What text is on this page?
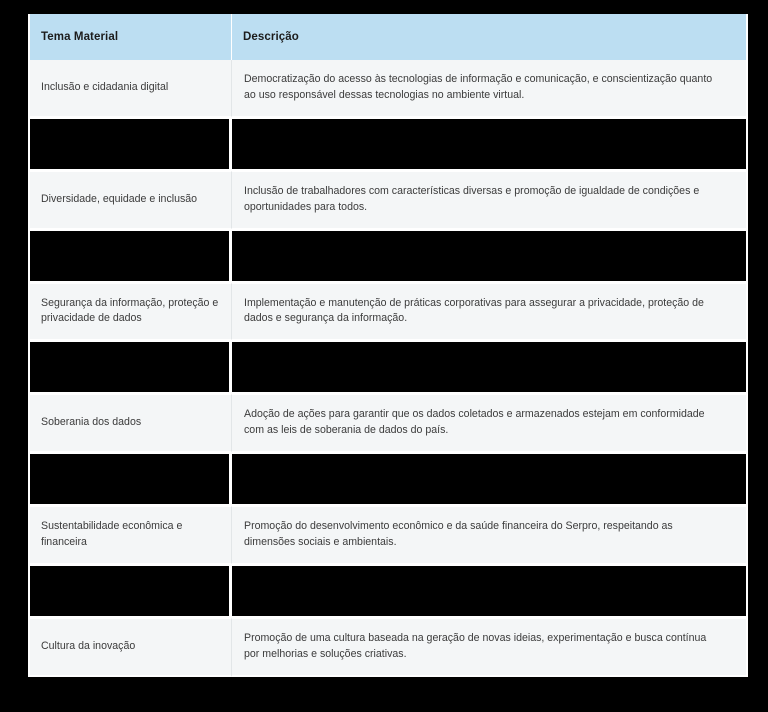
Tema Material	Descrição
Inclusão e cidadania digital	Democratização do acesso às tecnologias de informação e comunicação, e conscientização quanto ao uso responsável dessas tecnologias no ambiente virtual.

Diversidade, equidade e inclusão	Inclusão de trabalhadores com características diversas e promoção de igualdade de condições e oportunidades para todos.

Segurança da informação, proteção e privacidade de dados	Implementação e manutenção de práticas corporativas para assegurar a privacidade, proteção de dados e segurança da informação.

Soberania dos dados	Adoção de ações para garantir que os dados coletados e armazenados estejam em conformidade com as leis de soberania de dados do país.

Sustentabilidade econômica e financeira	Promoção do desenvolvimento econômico e da saúde financeira do Serpro, respeitando as dimensões sociais e ambientais.

Cultura da inovação	Promoção de uma cultura baseada na geração de novas ideias, experimentação e busca contínua por melhorias e soluções criativas.
